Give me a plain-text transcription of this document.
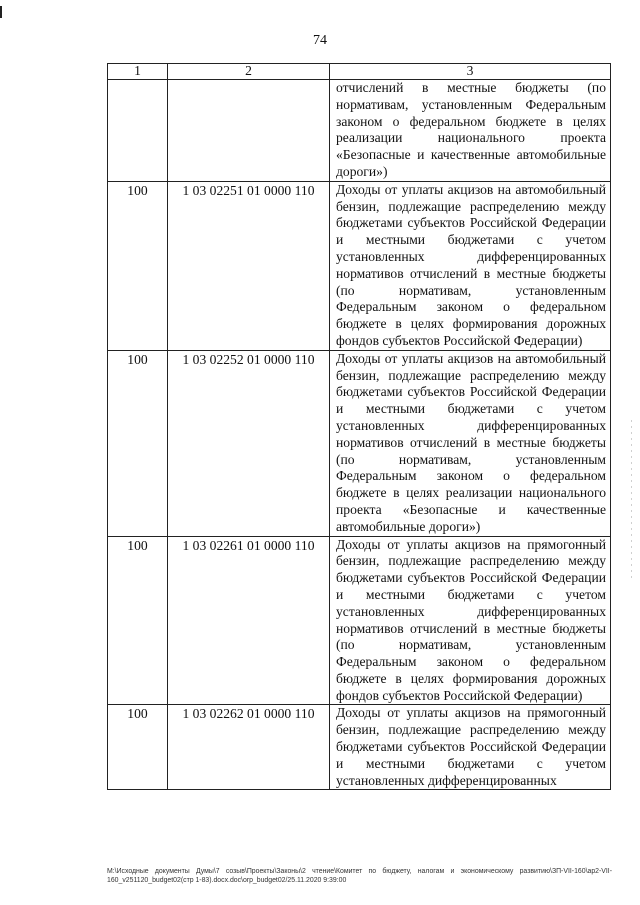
74
1	2	3
		отчислений в местные бюджеты (по нормативам, установленным Федеральным законом о федеральном бюджете в целях реализации национального проекта «Безопасные и качественные автомобильные дороги»)
100	1 03 02251 01 0000 110	Доходы от уплаты акцизов на автомобильный бензин, подлежащие распределению между бюджетами субъектов Российской Федерации и местными бюджетами с учетом установленных дифференцированных нормативов отчислений в местные бюджеты (по нормативам, установленным Федеральным законом о федеральном бюджете в целях формирования дорожных фондов субъектов Российской Федерации)
100	1 03 02252 01 0000 110	Доходы от уплаты акцизов на автомобильный бензин, подлежащие распределению между бюджетами субъектов Российской Федерации и местными бюджетами с учетом установленных дифференцированных нормативов отчислений в местные бюджеты (по нормативам, установленным Федеральным законом о федеральном бюджете в целях реализации национального проекта «Безопасные и качественные автомобильные дороги»)
100	1 03 02261 01 0000 110	Доходы от уплаты акцизов на прямогонный бензин, подлежащие распределению между бюджетами субъектов Российской Федерации и местными бюджетами с учетом установленных дифференцированных нормативов отчислений в местные бюджеты (по нормативам, установленным Федеральным законом о федеральном бюджете в целях формирования дорожных фондов субъектов Российской Федерации)
100	1 03 02262 01 0000 110	Доходы от уплаты акцизов на прямогонный бензин, подлежащие распределению между бюджетами субъектов Российской Федерации и местными бюджетами с учетом установленных дифференцированных
M:\Исходные документы Думы\7 созыв\Проекты\Законы\2 чтение\Комитет по бюджету, налогам и экономическому развитию\ЗП-VII-160\ap2-VII-160_v251120_budget02(стр 1-83).docx.doc\orp_budget02/25.11.2020 9:39:00
